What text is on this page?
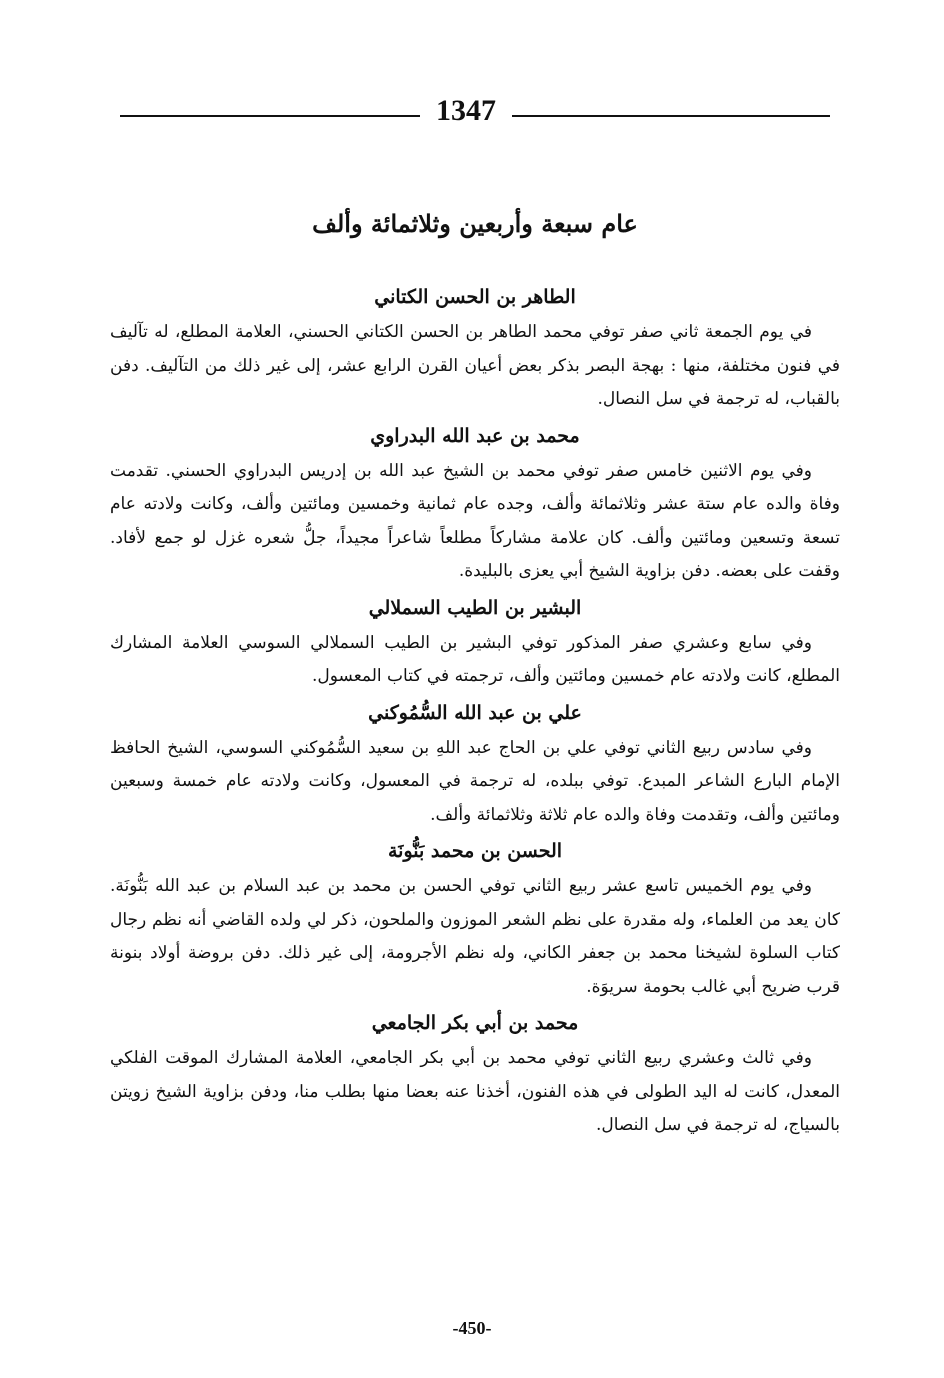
1347
عام سبعة وأربعين وثلاثمائة وألف
الطاهر بن الحسن الكتاني

في يوم الجمعة ثاني صفر توفي محمد الطاهر بن الحسن الكتاني الحسني، العلامة المطلع، له تآليف في فنون مختلفة، منها : بهجة البصر بذكر بعض أعيان القرن الرابع عشر، إلى غير ذلك من التآليف. دفن بالقباب، له ترجمة في سل النصال.

محمد بن عبد الله البدراوي

وفي يوم الاثنين خامس صفر توفي محمد بن الشيخ عبد الله بن إدريس البدراوي الحسني. تقدمت وفاة والده عام ستة عشر وثلاثمائة وألف، وجده عام ثمانية وخمسين ومائتين وألف، وكانت ولادته عام تسعة وتسعين ومائتين وألف. كان علامة مشاركاً مطلعاً شاعراً مجيداً، جلُّ شعره غزل لو جمع لأفاد. وقفت على بعضه. دفن بزاوية الشيخ أبي يعزى بالبليدة.

البشير بن الطيب السملالي

وفي سابع وعشري صفر المذكور توفي البشير بن الطيب السملالي السوسي العلامة المشارك المطلع، كانت ولادته عام خمسين ومائتين وألف، ترجمته في كتاب المعسول.

علي بن عبد الله السُّمُوكني

وفي سادس ربيع الثاني توفي علي بن الحاج عبد اللهِ بن سعيد السُّمُوكني السوسي، الشيخ الحافظ الإمام البارع الشاعر المبدع. توفي ببلده، له ترجمة في المعسول، وكانت ولادته عام خمسة وسبعين ومائتين وألف، وتقدمت وفاة والده عام ثلاثة وثلاثمائة وألف.

الحسن بن محمد بَنُّونَة

وفي يوم الخميس تاسع عشر ربيع الثاني توفي الحسن بن محمد بن عبد السلام بن عبد الله بَنُّونَة. كان يعد من العلماء، وله مقدرة على نظم الشعر الموزون والملحون، ذكر لي ولده القاضي أنه نظم رجال كتاب السلوة لشيخنا محمد بن جعفر الكاني، وله نظم الأجرومة، إلى غير ذلك. دفن بروضة أولاد بنونة قرب ضريح أبي غالب بحومة سريوَة.

محمد بن أبي بكر الجامعي

وفي ثالث وعشري ربيع الثاني توفي محمد بن أبي بكر الجامعي، العلامة المشارك الموقت الفلكي المعدل، كانت له اليد الطولى في هذه الفنون، أخذنا عنه بعضا منها بطلب منا، ودفن بزاوية الشيخ زويتن بالسياج، له ترجمة في سل النصال.

-450-
